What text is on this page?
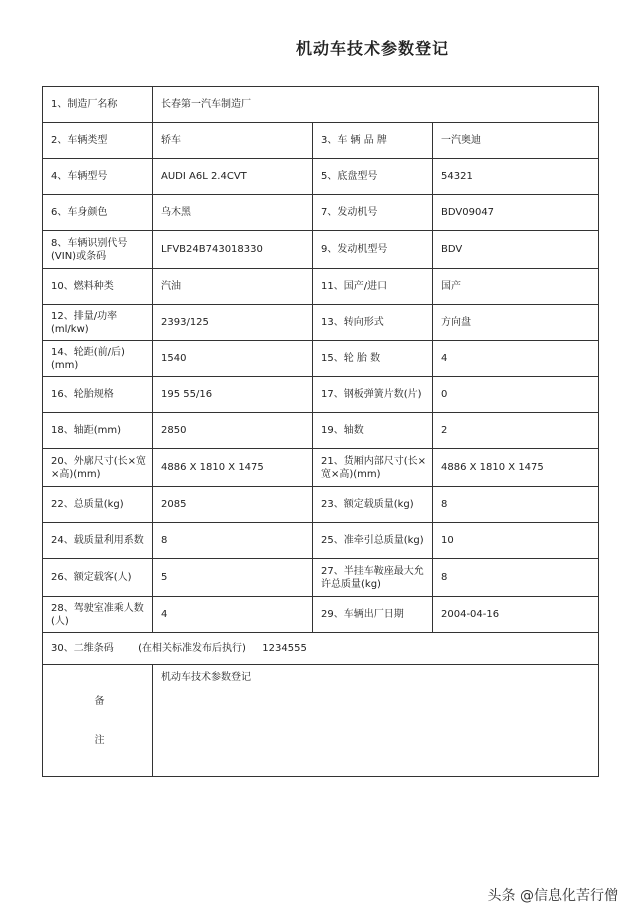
机动车技术参数登记
1、制造厂名称	长春第一汽车制造厂		
2、车辆类型	轿车	3、车 辆 品 牌	一汽奥迪
4、车辆型号	AUDI A6L 2.4CVT	5、底盘型号	54321
6、车身颜色	乌木黑	7、发动机号	BDV09047
8、车辆识别代号(VIN)或条码	LFVB24B743018330	9、发动机型号	BDV
10、燃料种类	汽油	11、国产/进口	国产
12、排量/功率(ml/kw)	2393/125	13、转向形式	方向盘
14、轮距(前/后)(mm)	1540	15、轮 胎 数	4
16、轮胎规格	195 55/16	17、钢板弹簧片数(片)	0
18、轴距(mm)	2850	19、轴数	2
20、外廓尺寸(长×宽×高)(mm)	4886 X 1810 X 1475	21、货厢内部尺寸(长×宽×高)(mm)	4886 X 1810 X 1475
22、总质量(kg)	2085	23、额定载质量(kg)	8
24、载质量利用系数	8	25、准牵引总质量(kg)	10
26、额定载客(人)	5	27、半挂车鞍座最大允许总质量(kg)	8
28、驾驶室准乘人数(人)	4	29、车辆出厂日期	2004-04-16
30、二维条码 (在相关标准发布后执行) 1234555			

备
注	机动车技术参数登记		
头条 @信息化苦行僧
